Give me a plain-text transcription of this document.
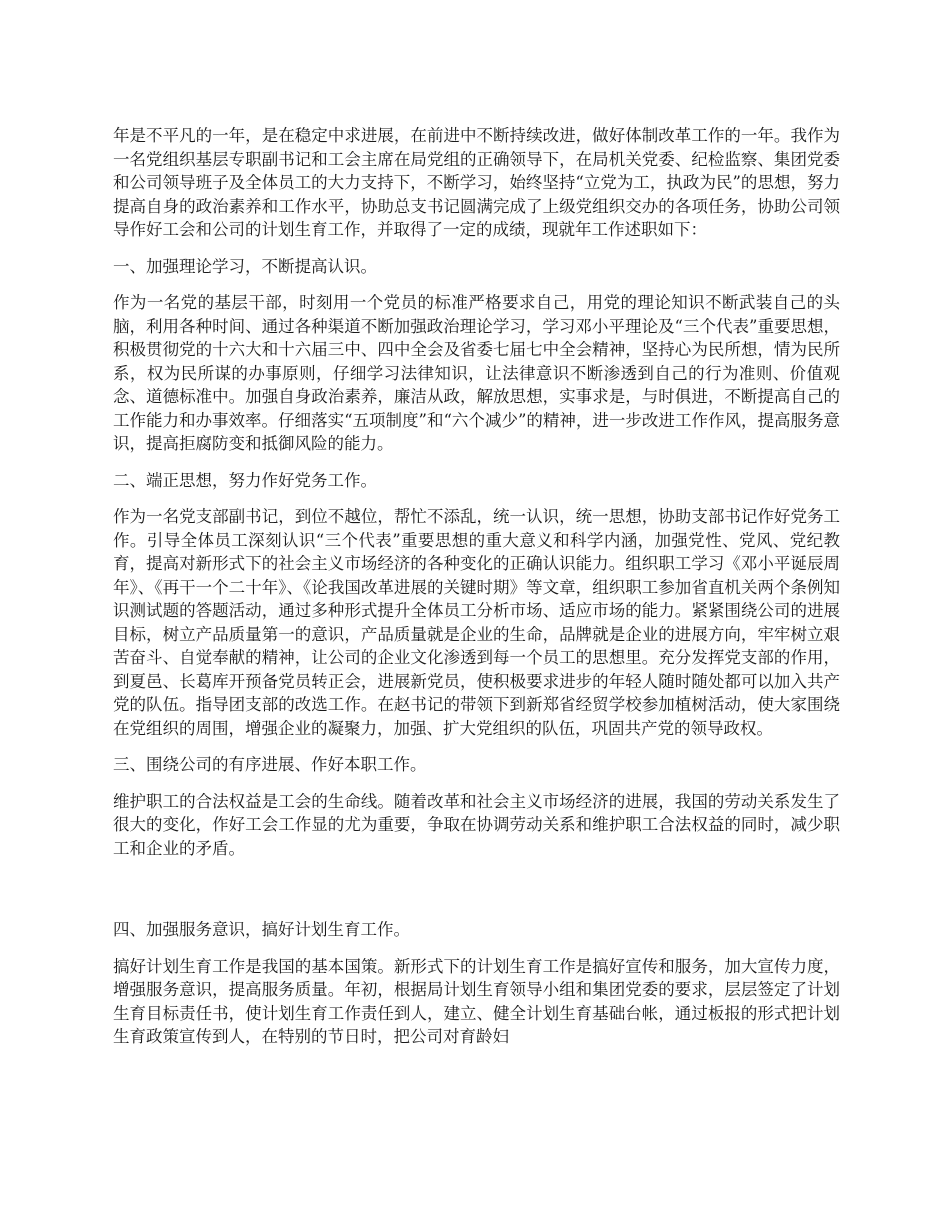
年是不平凡的一年，是在稳定中求进展，在前进中不断持续改进，做好体制改革工作的一年。我作为一名党组织基层专职副书记和工会主席在局党组的正确领导下，在局机关党委、纪检监察、集团党委和公司领导班子及全体员工的大力支持下，不断学习，始终坚持“立党为工，执政为民”的思想，努力提高自身的政治素养和工作水平，协助总支书记圆满完成了上级党组织交办的各项任务，协助公司领导作好工会和公司的计划生育工作，并取得了一定的成绩，现就年工作述职如下：

一、加强理论学习，不断提高认识。

作为一名党的基层干部，时刻用一个党员的标准严格要求自己，用党的理论知识不断武装自己的头脑，利用各种时间、通过各种渠道不断加强政治理论学习，学习邓小平理论及“三个代表”重要思想，积极贯彻党的十六大和十六届三中、四中全会及省委七届七中全会精神，坚持心为民所想，情为民所系，权为民所谋的办事原则，仔细学习法律知识，让法律意识不断渗透到自己的行为准则、价值观念、道德标准中。加强自身政治素养，廉洁从政，解放思想，实事求是，与时俱进，不断提高自己的工作能力和办事效率。仔细落实“五项制度”和“六个减少”的精神，进一步改进工作作风，提高服务意识，提高拒腐防变和抵御风险的能力。

二、端正思想，努力作好党务工作。

作为一名党支部副书记，到位不越位，帮忙不添乱，统一认识，统一思想，协助支部书记作好党务工作。引导全体员工深刻认识“三个代表”重要思想的重大意义和科学内涵，加强党性、党风、党纪教育，提高对新形式下的社会主义市场经济的各种变化的正确认识能力。组织职工学习《邓小平诞辰周年》、《再干一个二十年》、《论我国改革进展的关键时期》等文章，组织职工参加省直机关两个条例知识测试题的答题活动，通过多种形式提升全体员工分析市场、适应市场的能力。紧紧围绕公司的进展目标，树立产品质量第一的意识，产品质量就是企业的生命，品牌就是企业的进展方向，牢牢树立艰苦奋斗、自觉奉献的精神，让公司的企业文化渗透到每一个员工的思想里。充分发挥党支部的作用，到夏邑、长葛库开预备党员转正会，进展新党员，使积极要求进步的年轻人随时随处都可以加入共产党的队伍。指导团支部的改选工作。在赵书记的带领下到新郑省经贸学校参加植树活动，使大家围绕在党组织的周围，增强企业的凝聚力，加强、扩大党组织的队伍，巩固共产党的领导政权。

三、围绕公司的有序进展、作好本职工作。

维护职工的合法权益是工会的生命线。随着改革和社会主义市场经济的进展，我国的劳动关系发生了很大的变化，作好工会工作显的尤为重要，争取在协调劳动关系和维护职工合法权益的同时，减少职工和企业的矛盾。

四、加强服务意识，搞好计划生育工作。

搞好计划生育工作是我国的基本国策。新形式下的计划生育工作是搞好宣传和服务，加大宣传力度，增强服务意识，提高服务质量。年初，根据局计划生育领导小组和集团党委的要求，层层签定了计划生育目标责任书，使计划生育工作责任到人，建立、健全计划生育基础台帐，通过板报的形式把计划生育政策宣传到人，在特别的节日时，把公司对育龄妇
